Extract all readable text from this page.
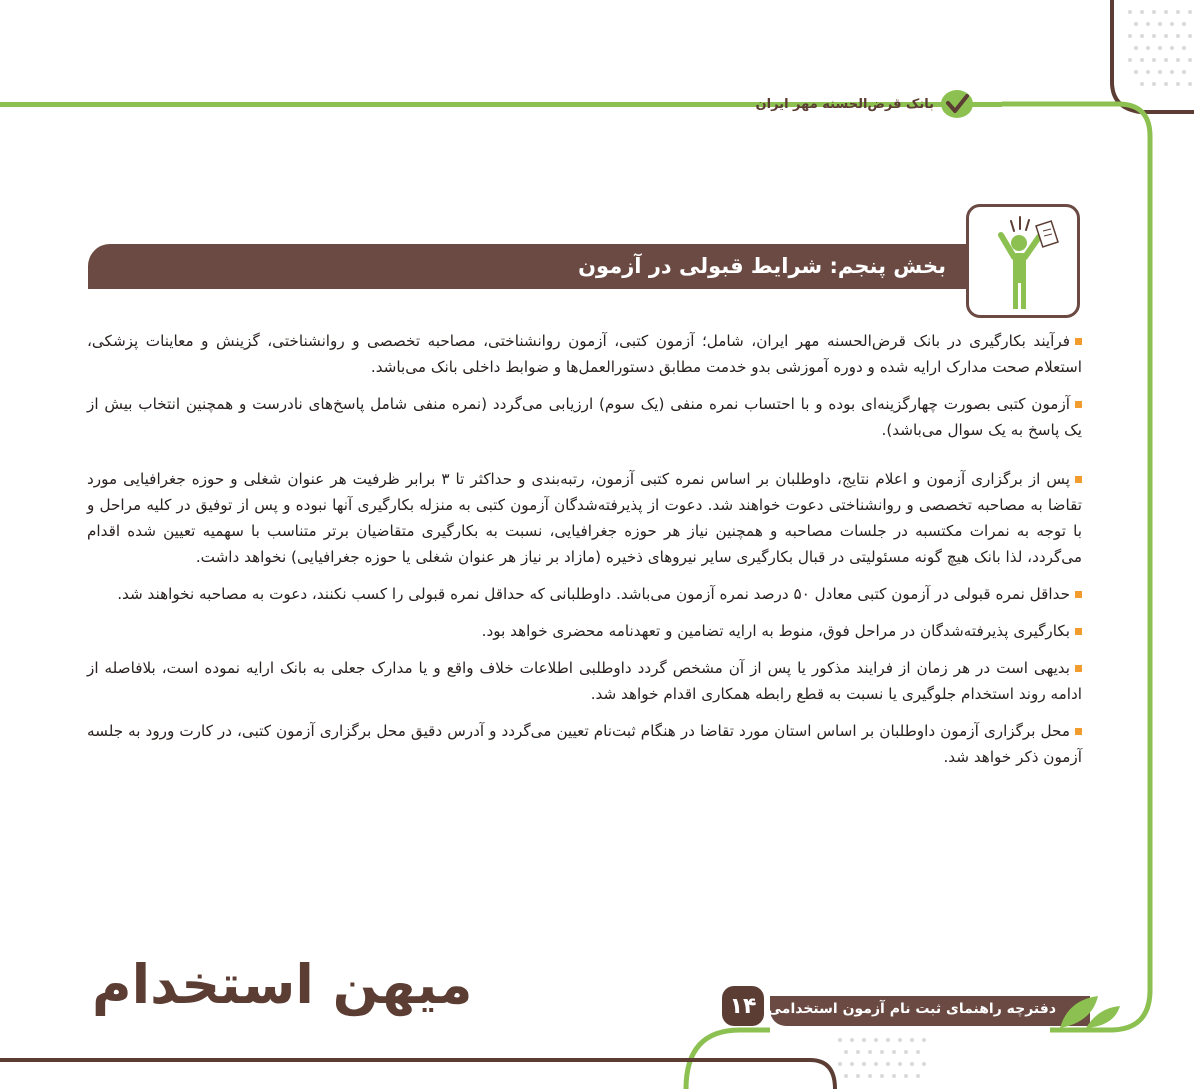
بانک قرض‌الحسنه مهر ایران
بخش پنجم: شرایط قبولی در آزمون

فرآیند بکارگیری در بانک قرض‌الحسنه مهر ایران، شامل؛ آزمون کتبی، آزمون روانشناختی، مصاحبه تخصصی و روانشناختی، گزینش و معاینات پزشکی، استعلام صحت مدارک ارایه شده و دوره آموزشی بدو خدمت مطابق دستورالعمل‌ها و ضوابط داخلی بانک می‌باشد.

آزمون کتبی بصورت چهارگزینه‌ای بوده و با احتساب نمره منفی (یک سوم) ارزیابی می‌گردد (نمره منفی شامل پاسخ‌های نادرست و همچنین انتخاب بیش از یک پاسخ به یک سوال می‌باشد).

پس از برگزاری آزمون و اعلام نتایج، داوطلبان بر اساس نمره کتبی آزمون، رتبه‌بندی و حداکثر تا ۳ برابر ظرفیت هر عنوان شغلی و حوزه جغرافیایی مورد تقاضا به مصاحبه تخصصی و روانشناختی دعوت خواهند شد. دعوت از پذیرفته‌شدگان آزمون کتبی به منزله بکارگیری آنها نبوده و پس از توفیق در کلیه مراحل و با توجه به نمرات مکتسبه در جلسات مصاحبه و همچنین نیاز هر حوزه جغرافیایی، نسبت به بکارگیری متقاضیان برتر متناسب با سهمیه تعیین شده اقدام می‌گردد، لذا بانک هیچ گونه مسئولیتی در قبال بکارگیری سایر نیروهای ذخیره (مازاد بر نیاز هر عنوان شغلی یا حوزه جغرافیایی) نخواهد داشت.

حداقل نمره قبولی در آزمون کتبی معادل ۵۰ درصد نمره آزمون می‌باشد. داوطلبانی که حداقل نمره قبولی را کسب نکنند، دعوت به مصاحبه نخواهند شد.

بکارگیری پذیرفته‌شدگان در مراحل فوق، منوط به ارایه تضامین و تعهدنامه محضری خواهد بود.

بدیهی است در هر زمان از فرایند مذکور یا پس از آن مشخص گردد داوطلبی اطلاعات خلاف واقع و یا مدارک جعلی به بانک ارایه نموده است، بلافاصله از ادامه روند استخدام جلوگیری یا نسبت به قطع رابطه همکاری اقدام خواهد شد.

محل برگزاری آزمون داوطلبان بر اساس استان مورد تقاضا در هنگام ثبت‌نام تعیین می‌گردد و آدرس دقیق محل برگزاری آزمون کتبی، در کارت ورود به جلسه آزمون ذکر خواهد شد.

میهن استخدام	دفترچه راهنمای ثبت نام آزمون استخدامی
۱۴
